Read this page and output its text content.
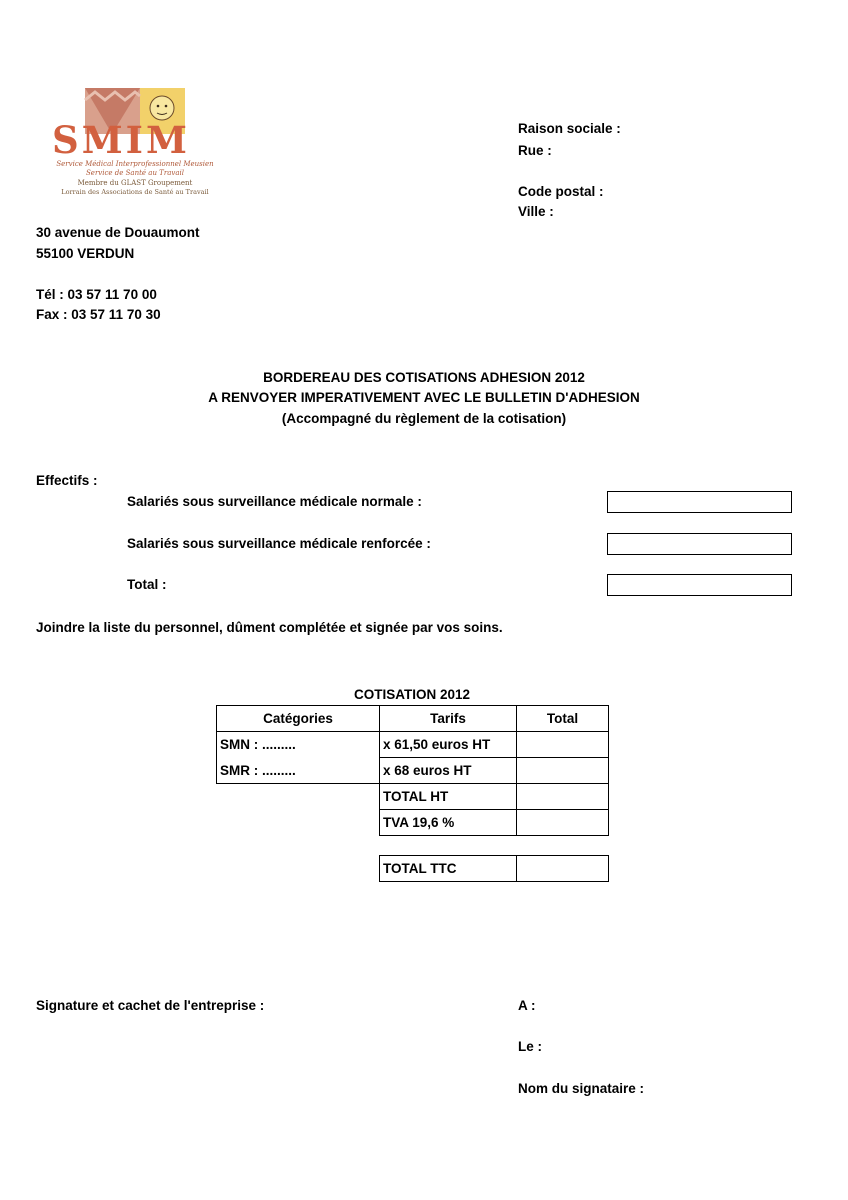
SMIM
Service Médical Interprofessionnel Meusien
Service de Santé au Travail
Membre du GLAST Groupement
Lorrain des Associations de Santé au Travail
Raison sociale :
Rue :
Code postal :
Ville :
30 avenue de Douaumont
55100 VERDUN
Tél : 03 57 11 70 00
Fax : 03 57 11 70 30
BORDEREAU DES COTISATIONS ADHESION 2012
A RENVOYER IMPERATIVEMENT AVEC LE BULLETIN D'ADHESION
(Accompagné du règlement de la cotisation)
Effectifs :
Salariés sous surveillance médicale normale :
Salariés sous surveillance médicale renforcée :
Total :
Joindre la liste du personnel, dûment complétée et signée par vos soins.
COTISATION 2012
Catégories	Tarifs	Total
SMN : .........	x 61,50 euros HT	
SMR : .........	x 68 euros HT	
	TOTAL HT	
	TVA 19,6 %	

	TOTAL TTC	
Signature et cachet de l'entreprise :	A :
Le :
Nom du signataire :
